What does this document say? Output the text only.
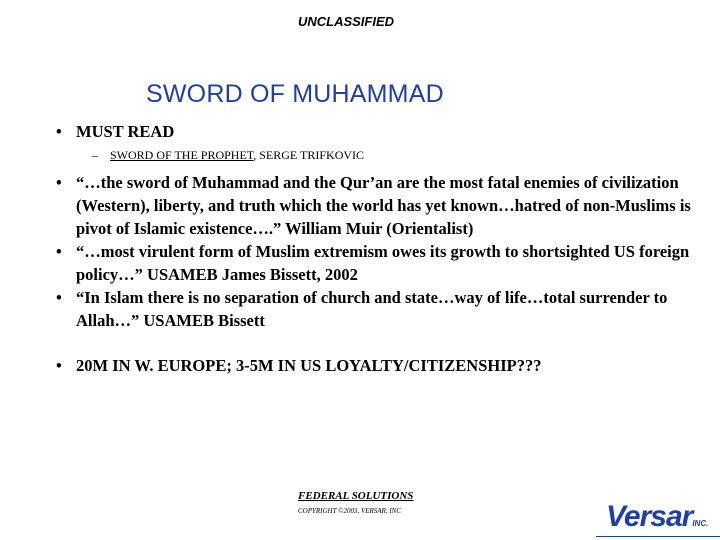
UNCLASSIFIED
SWORD OF MUHAMMAD

• MUST READ

– SWORD OF THE PROPHET, SERGE TRIFKOVIC

• “…the sword of Muhammad and the Qur’an are the most fatal enemies of civilization (Western), liberty, and truth which the world has yet known…hatred of non-Muslims is pivot of Islamic existence….” William Muir (Orientalist)

• “…most virulent form of Muslim extremism owes its growth to shortsighted US foreign policy…” USAMEB James Bissett, 2002

• “In Islam there is no separation of church and state…way of life…total surrender to Allah…” USAMEB Bissett

• 20M IN W. EUROPE; 3-5M IN US LOYALTY/CITIZENSHIP???

FEDERAL SOLUTIONS
COPYRIGHT ©2003, VERSAR, INC	VersarINC.
